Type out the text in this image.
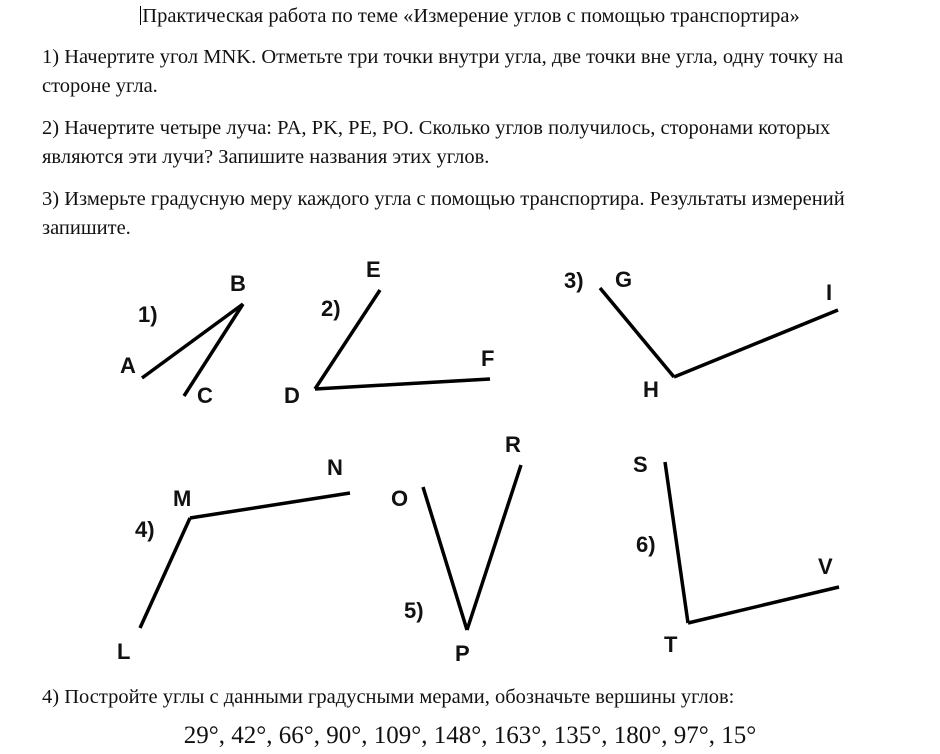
Практическая работа по теме «Измерение углов с помощью транспортира»
1) Начертите угол MNK. Отметьте три точки внутри угла, две точки вне угла, одну точку на стороне угла.
2) Начертите четыре луча: PA, PK, PE, PO. Сколько углов получилось, сторонами которых являются эти лучи? Запишите названия этих углов.
3) Измерьте градусную меру каждого угла с помощью транспортира. Результаты измерений запишите.
1)
A
B
C
2)
E
D
F
3) G
H
I
4)
M
N
L
5)
O
R
P
6)
S
T
V
4) Постройте углы с данными градусными мерами, обозначьте вершины углов:
29°, 42°, 66°, 90°, 109°, 148°, 163°, 135°, 180°, 97°, 15°
